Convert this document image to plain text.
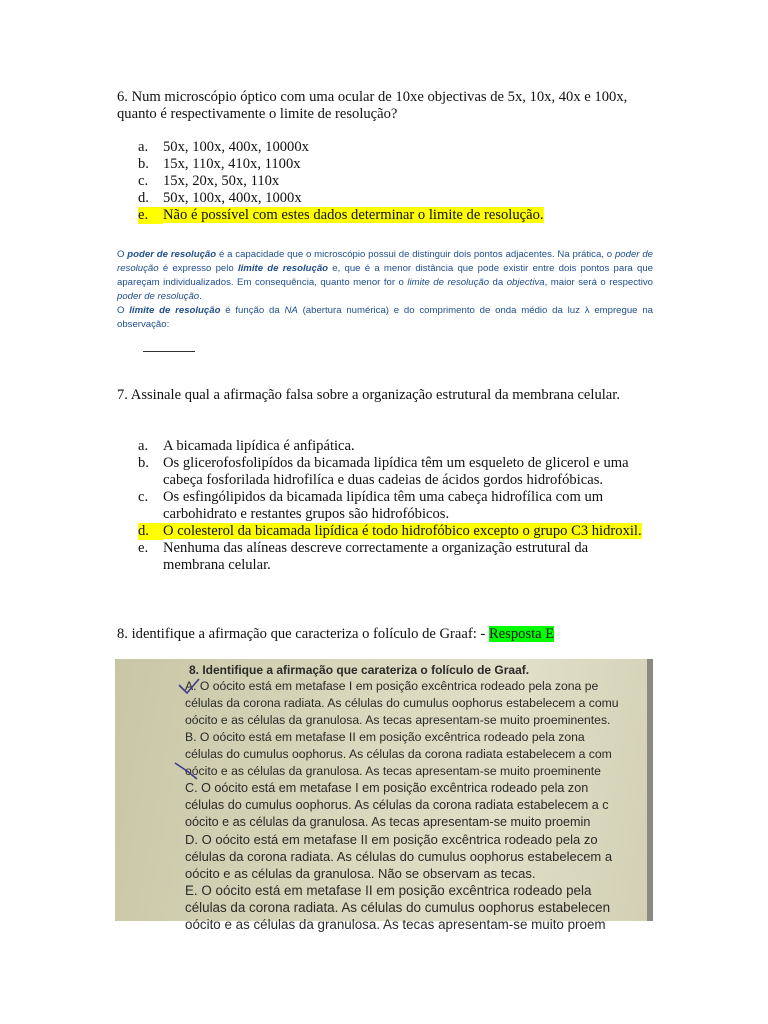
6. Num microscópio óptico com uma ocular de 10xe objectivas de 5x, 10x, 40x e 100x, quanto é respectivamente o limite de resolução?

a.	50x, 100x, 400x, 10000x
b. 15x, 110x, 410x, 1100x
c.	15x, 20x, 50x, 110x
d. 50x, 100x, 400x, 1000x
e.	Não é possível com estes dados determinar o limite de resolução.

O poder de resolução é a capacidade que o microscópio possui de distinguir dois pontos adjacentes. Na prática, o poder de resolução é expresso pelo limite de resolução e, que é a menor distância que pode existir entre dois pontos para que apareçam individualizados. Em consequência, quanto menor for o limite de resolução da objectiva, maior será o respectivo poder de resolução.

O limite de resolução é função da NA (abertura numérica) e do comprimento de onda médio da luz λ empregue na observação:

7. Assinale qual a afirmação falsa sobre a organização estrutural da membrana celular.

a.	A bicamada lipídica é anfipática.
b. Os glicerofosfolipídos da bicamada lipídica têm um esqueleto de glicerol e uma cabeça fosforilada hidrofilíca e duas cadeias de ácidos gordos hidrofóbicas.
c.	Os esfingólipidos da bicamada lipídica têm uma cabeça hidrofílica com um carbohidrato e restantes grupos são hidrofóbicos.
d. O colesterol da bicamada lipídica é todo hidrofóbico excepto o grupo C3 hidroxil.
e.	Nenhuma das alíneas descreve correctamente a organização estrutural da membrana celular.

8. identifique a afirmação que caracteriza o folículo de Graaf: - Resposta E

8. Identifique a afirmação que carateriza o folículo de Graaf.
A. O oócito está em metafase I em posição excêntrica rodeado pela zona pe
células da corona radiata. As células do cumulus oophorus estabelecem a comu
oócito e as células da granulosa. As tecas apresentam-se muito proeminentes.
B. O oócito está em metafase II em posição excêntrica rodeado pela zona
células do cumulus oophorus. As células da corona radiata estabelecem a com
oócito e as células da granulosa. As tecas apresentam-se muito proeminente
C. O oócito está em metafase I em posição excêntrica rodeado pela zon
células do cumulus oophorus. As células da corona radiata estabelecem a c
oócito e as células da granulosa. As tecas apresentam-se muito proemin
D. O oócito está em metafase II em posição excêntrica rodeado pela zo
células da corona radiata. As células do cumulus oophorus estabelecem a
oócito e as células da granulosa. Não se observam as tecas.
E. O oócito está em metafase II em posição excêntrica rodeado pela
células da corona radiata. As células do cumulus oophorus estabelecen
oócito e as células da granulosa. As tecas apresentam-se muito proem
